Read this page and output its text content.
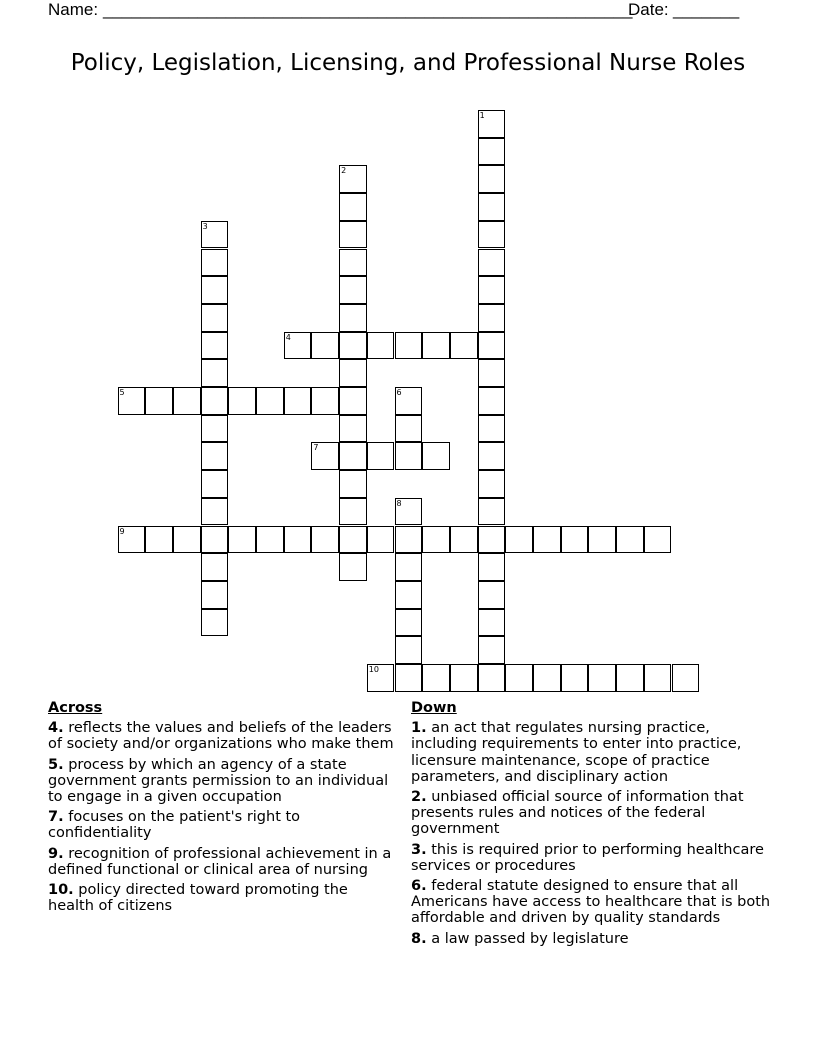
Name: ________________________________________________________
Date: _______
Policy, Legislation, Licensing, and Professional Nurse Roles
1
2
3
4
5	6
7
8
9
10
Across
4. reflects the values and beliefs of the leaders of society and/or organizations who make them
5. process by which an agency of a state government grants permission to an individual to engage in a given occupation
7. focuses on the patient's right to confidentiality
9. recognition of professional achievement in a defined functional or clinical area of nursing
10. policy directed toward promoting the health of citizens
Down
1. an act that regulates nursing practice, including requirements to enter into practice, licensure maintenance, scope of practice parameters, and disciplinary action
2. unbiased official source of information that presents rules and notices of the federal government
3. this is required prior to performing healthcare services or procedures
6. federal statute designed to ensure that all Americans have access to healthcare that is both affordable and driven by quality standards
8. a law passed by legislature
